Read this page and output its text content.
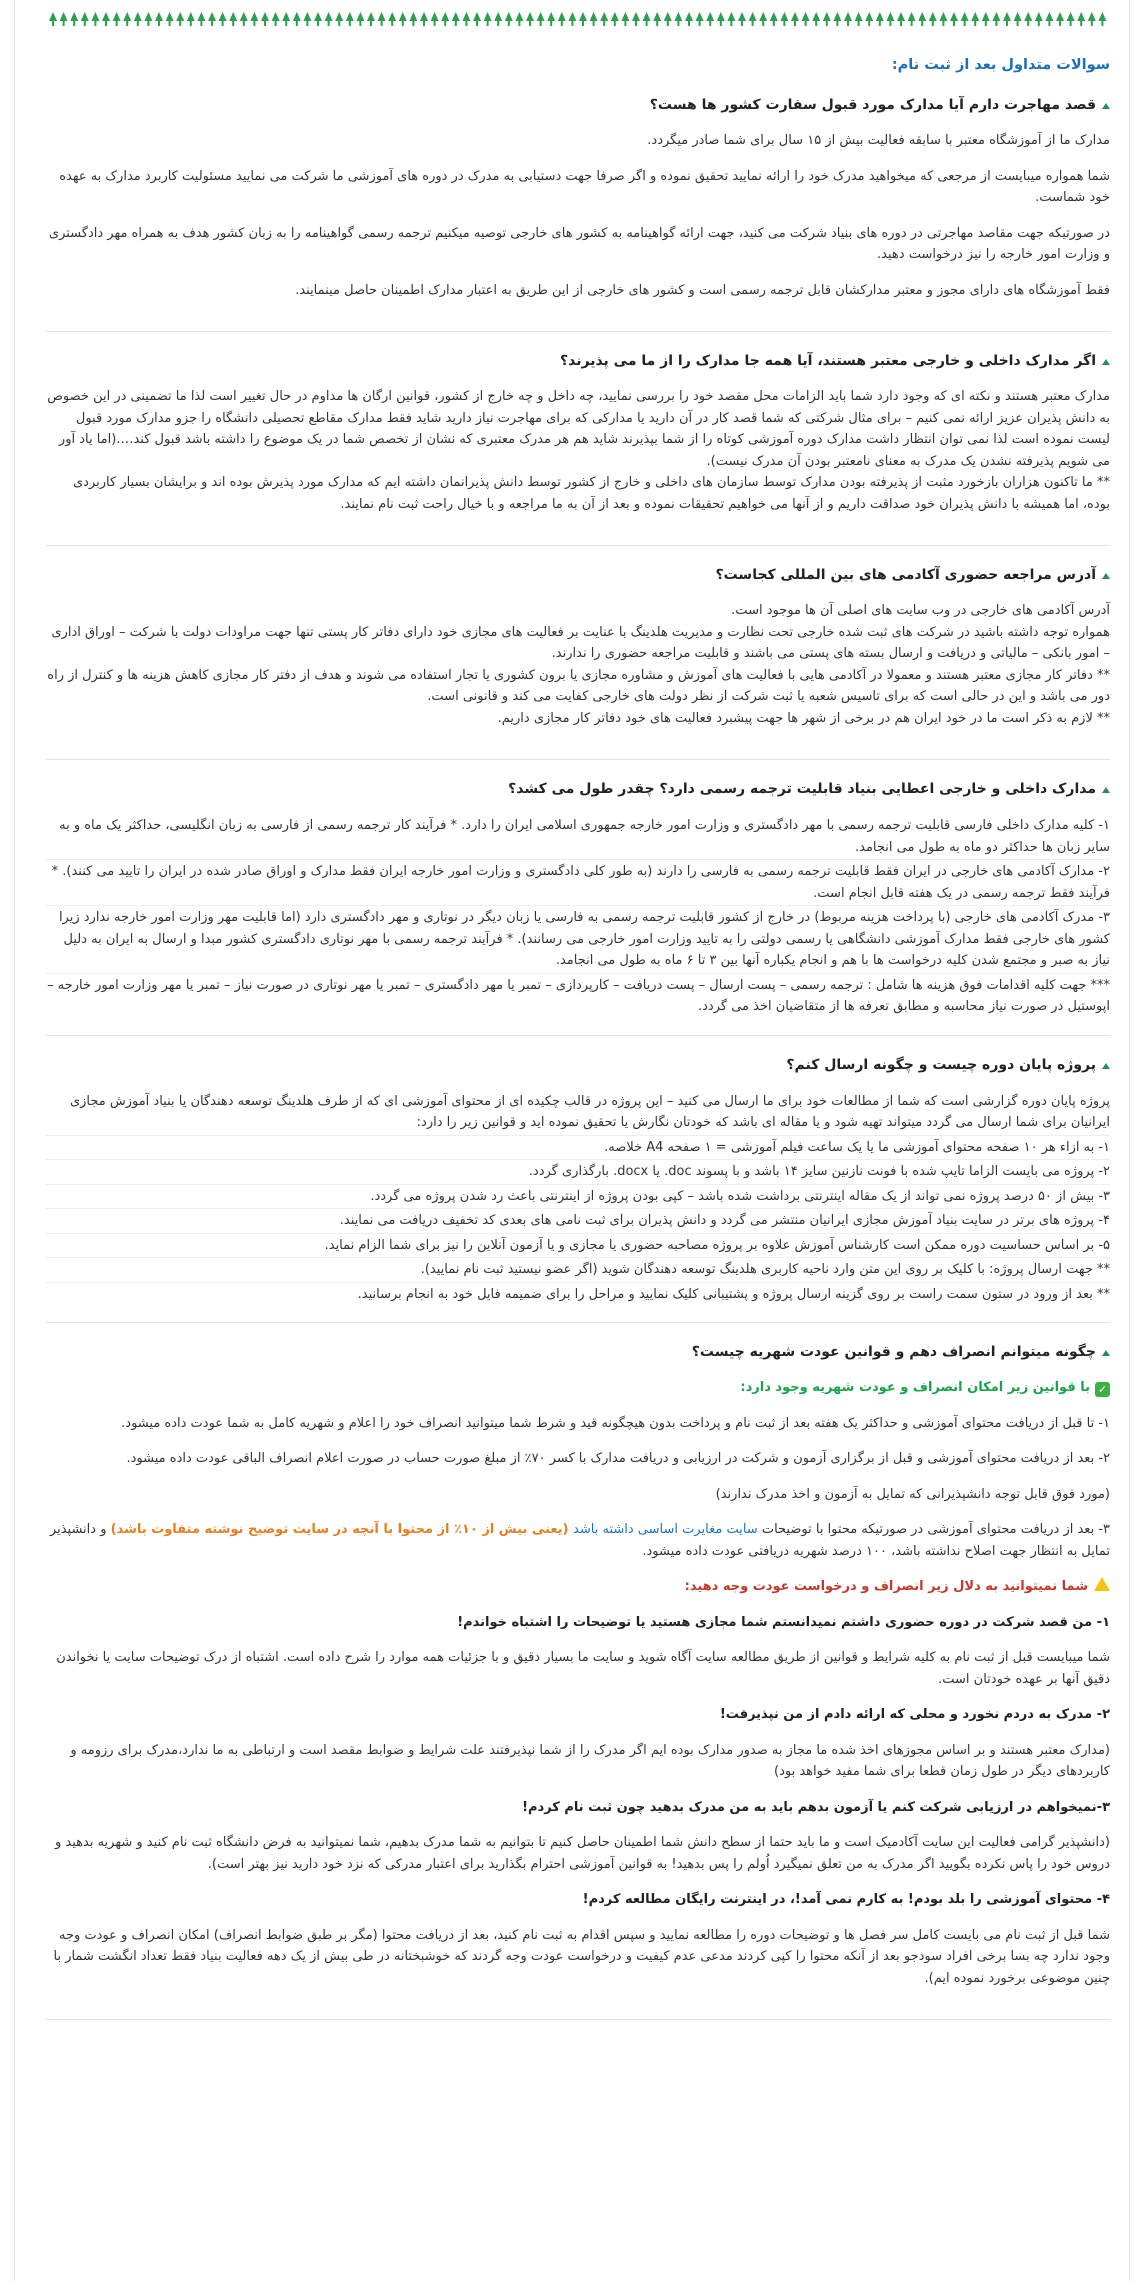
سوالات متداول بعد از ثبت نام:
قصد مهاجرت دارم آیا مدارک مورد قبول سفارت کشور ها هست؟

مدارک ما از آموزشگاه معتبر با سابقه فعالیت بیش از ۱۵ سال برای شما صادر میگردد.

شما همواره میبایست از مرجعی که میخواهید مدرک خود را ارائه نمایید تحقیق نموده و اگر صرفا جهت دستیابی به مدرک در دوره های آموزشی ما شرکت می نمایید مسئولیت کاربرد مدارک به عهده خود شماست.

در صورتیکه جهت مقاصد مهاجرتی در دوره های بنیاد شرکت می کنید، جهت ارائه گواهینامه به کشور های خارجی توصیه میکنیم ترجمه رسمی گواهینامه را به زبان کشور هدف به همراه مهر دادگستری و وزارت امور خارجه را نیز درخواست دهید.

فقط آموزشگاه های دارای مجوز و معتبر مدارکشان قابل ترجمه رسمی است و کشور های خارجی از این طریق به اعتبار مدارک اطمینان حاصل مینمایند.

اگر مدارک داخلی و خارجی معتبر هستند، آیا همه جا مدارک را از ما می پذیرند؟

مدارک معتبر هستند و نکته ای که وجود دارد شما باید الزامات محل مقصد خود را بررسی نمایید، چه داخل و چه خارج از کشور، قوانین ارگان ها مداوم در حال تغییر است لذا ما تضمینی در این خصوص به دانش پذیران عزیز ارائه نمی کنیم – برای مثال شرکتی که شما قصد کار در آن دارید یا مدارکی که برای مهاجرت نیاز دارید شاید فقط مدارک مقاطع تحصیلی دانشگاه را جزو مدارک مورد قبول لیست نموده است لذا نمی توان انتظار داشت مدارک دوره آموزشی کوتاه را از شما بپذیرند شاید هم هر مدرک معتبری که نشان از تخصص شما در یک موضوع را داشته باشد قبول کند….(اما یاد آور می شویم پذیرفته نشدن یک مدرک به معنای نامعتبر بودن آن مدرک نیست).

** ما تاکنون هزاران بازخورد مثبت از پذیرفته بودن مدارک توسط سازمان های داخلی و خارج از کشور توسط دانش پذیرانمان داشته ایم که مدارک مورد پذیرش بوده اند و برایشان بسیار کاربردی بوده، اما همیشه با دانش پذیران خود صداقت داریم و از آنها می خواهیم تحقیقات نموده و بعد از آن به ما مراجعه و با خیال راحت ثبت نام نمایند.

آدرس مراجعه حضوری آکادمی های بین المللی کجاست؟

آدرس آکادمی های خارجی در وب سایت های اصلی آن ها موجود است.

همواره توجه داشته باشید در شرکت های ثبت شده خارجی تحت نظارت و مدیریت هلدینگ با عنایت بر فعالیت های مجازی خود دارای دفاتر کار پستی تنها جهت مراودات دولت با شرکت – اوراق اداری – امور بانکی – مالیاتی و دریافت و ارسال بسته های پستی می باشند و قابلیت مراجعه حضوری را ندارند.

** دفاتر کار مجازی معتبر هستند و معمولا در آکادمی هایی با فعالیت های آموزش و مشاوره مجازی یا برون کشوری یا تجار استفاده می شوند و هدف از دفتر کار مجازی کاهش هزینه ها و کنترل از راه دور می باشد و این در حالی است که برای تاسیس شعبه یا ثبت شرکت از نظر دولت های خارجی کفایت می کند و قانونی است.

** لازم به ذکر است ما در خود ایران هم در برخی از شهر ها جهت پیشبرد فعالیت های خود دفاتر کار مجازی داریم.

مدارک داخلی و خارجی اعطایی بنیاد قابلیت ترجمه رسمی دارد؟ چقدر طول می کشد؟
۱- کلیه مدارک داخلی فارسی قابلیت ترجمه رسمی با مهر دادگستری و وزارت امور خارجه جمهوری اسلامی ایران را دارد. * فرآیند کار ترجمه رسمی از فارسی به زبان انگلیسی، حداکثر یک ماه و به سایر زبان ها حداکثر دو ماه به طول می انجامد.
۲- مدارک آکادمی های خارجی در ایران فقط قابلیت ترجمه رسمی به فارسی را دارند (به طور کلی دادگستری و وزارت امور خارجه ایران فقط مدارک و اوراق صادر شده در ایران را تایید می کنند). * فرآیند فقط ترجمه رسمی در یک هفته قابل انجام است.
۳- مدرک آکادمی های خارجی (با پرداخت هزینه مربوط) در خارج از کشور قابلیت ترجمه رسمی به فارسی یا زبان دیگر در نوتاری و مهر دادگستری دارد (اما قابلیت مهر وزارت امور خارجه ندارد زیرا کشور های خارجی فقط مدارک آموزشی دانشگاهی یا رسمی دولتی را به تایید وزارت امور خارجی می رسانند). * فرآیند ترجمه رسمی با مهر نوتاری دادگستری کشور مبدا و ارسال به ایران به دلیل نیاز به صبر و مجتمع شدن کلیه درخواست ها با هم و انجام یکباره آنها بین ۳ تا ۶ ماه به طول می انجامد.
*** جهت کلیه اقدامات فوق هزینه ها شامل : ترجمه رسمی – پست ارسال – پست دریافت – کارپردازی – تمبر یا مهر دادگستری – تمبر یا مهر نوتاری در صورت نیاز – تمبر یا مهر وزارت امور خارجه – اپوستیل در صورت نیاز محاسبه و مطابق تعرفه ها از متقاضیان اخذ می گردد.
پروژه پایان دوره چیست و چگونه ارسال کنم؟
پروژه پایان دوره گزارشی است که شما از مطالعات خود برای ما ارسال می کنید – این پروژه در قالب چکیده ای از محتوای آموزشی ای که از طرف هلدینگ توسعه دهندگان یا بنیاد آموزش مجازی ایرانیان برای شما ارسال می گردد میتواند تهیه شود و یا مقاله ای باشد که خودتان نگارش یا تحقیق نموده اید و قوانین زیر را دارد:
۱- به ازاء هر ۱۰ صفحه محتوای آموزشی ما یا یک ساعت فیلم آموزشی = ۱ صفحه A4 خلاصه.
۲- پروژه می بایست الزاما تایپ شده با فونت نازنین سایز ۱۴ باشد و با پسوند doc. یا docx. بارگذاری گردد.
۳- بیش از ۵۰ درصد پروژه نمی تواند از یک مقاله اینترنتی برداشت شده باشد – کپی بودن پروژه از اینترنتی باعث رد شدن پروژه می گردد.
۴- پروژه های برتر در سایت بنیاد آموزش مجازی ایرانیان منتشر می گردد و دانش پذیران برای ثبت نامی های بعدی کد تخفیف دریافت می نمایند.
۵- بر اساس حساسیت دوره ممکن است کارشناس آموزش علاوه بر پروژه مصاحبه حضوری یا مجازی و یا آزمون آنلاین را نیز برای شما الزام نماید.
** جهت ارسال پروژه: با کلیک بر روی این متن وارد ناحیه کاربری هلدینگ توسعه دهندگان شوید (اگر عضو نیستید ثبت نام نمایید).
** بعد از ورود در ستون سمت راست بر روی گزینه ارسال پروژه و پشتیبانی کلیک نمایید و مراحل را برای ضمیمه فایل خود به انجام برسانید.
چگونه میتوانم انصراف دهم و قوانین عودت شهریه چیست؟

✓با قوانین زیر امکان انصراف و عودت شهریه وجود دارد:

۱- تا قبل از دریافت محتوای آموزشی و حداکثر یک هفته بعد از ثبت نام و پرداخت بدون هیچگونه قید و شرط شما میتوانید انصراف خود را اعلام و شهریه کامل به شما عودت داده میشود.

۲- بعد از دریافت محتوای آموزشی و قبل از برگزاری آزمون و شرکت در ارزیابی و دریافت مدارک با کسر ۷۰٪ از مبلغ صورت حساب در صورت اعلام انصراف الباقی عودت داده میشود.

(مورد فوق قابل توجه دانشپذیرانی که تمایل به آزمون و اخذ مدرک ندارند)

۳- بعد از دریافت محتوای آموزشی در صورتیکه محتوا با توضیحات سایت مغایرت اساسی داشته باشد (یعنی بیش از ۱۰٪ از محتوا با آنچه در سایت توضیح نوشته متفاوت باشد) و دانشپذیر تمایل به انتظار جهت اصلاح نداشته باشد، ۱۰۰ درصد شهریه دریافتی عودت داده میشود.

شما نمیتوانید به دلال زیر انصراف و درخواست عودت وجه دهید:

۱- من قصد شرکت در دوره حضوری داشتم نمیدانستم شما مجازی هستید یا توضیحات را اشتباه خواندم!

شما میبایست قبل از ثبت نام به کلیه شرایط و قوانین از طریق مطالعه سایت آگاه شوید و سایت ما بسیار دقیق و با جزئیات همه موارد را شرح داده است. اشتباه از درک توضیحات سایت یا نخواندن دقیق آنها بر عهده خودتان است.

۲- مدرک به دردم نخورد و محلی که ارائه دادم از من نپذیرفت!

(مدارک معتبر هستند و بر اساس مجوزهای اخذ شده ما مجاز به صدور مدارک بوده ایم اگر مدرک را از شما نپذیرفتند علت شرایط و ضوابط مقصد است و ارتباطی به ما ندارد،مدرک برای رزومه و کاربردهای دیگر در طول زمان قطعا برای شما مفید خواهد بود)

۳-نمیخواهم در ارزیابی شرکت کنم یا آزمون بدهم باید به من مدرک بدهید چون ثبت نام کردم!

(دانشپذیر گرامی فعالیت این سایت آکادمیک است و ما باید حتما از سطح دانش شما اطمینان حاصل کنیم تا بتوانیم به شما مدرک بدهیم، شما نمیتوانید به فرض دانشگاه ثبت نام کنید و شهریه بدهید و دروس خود را پاس نکرده بگویید اگر مدرک به من تعلق نمیگیرد اُولم را پس بدهید! به قوانین آموزشی احترام بگذارید برای اعتبار مدرکی که نزد خود دارید نیز بهتر است).

۴- محتوای آموزشی را بلد بودم! به کارم نمی آمد!، در اینترنت رایگان مطالعه کردم!

شما قبل از ثبت نام می بایست کامل سر فصل ها و توضیحات دوره را مطالعه نمایید و سپس اقدام به ثبت نام کنید، بعد از دریافت محتوا (مگر بر طبق ضوابط انصراف) امکان انصراف و عودت وجه وجود ندارد چه بسا برخی افراد سودجو بعد از آنکه محتوا را کپی کردند مدعی عدم کیفیت و درخواست عودت وجه گردند که خوشبختانه در طی بیش از یک دهه فعالیت بنیاد فقط تعداد انگشت شمار با چنین موضوعی برخورد نموده ایم).
